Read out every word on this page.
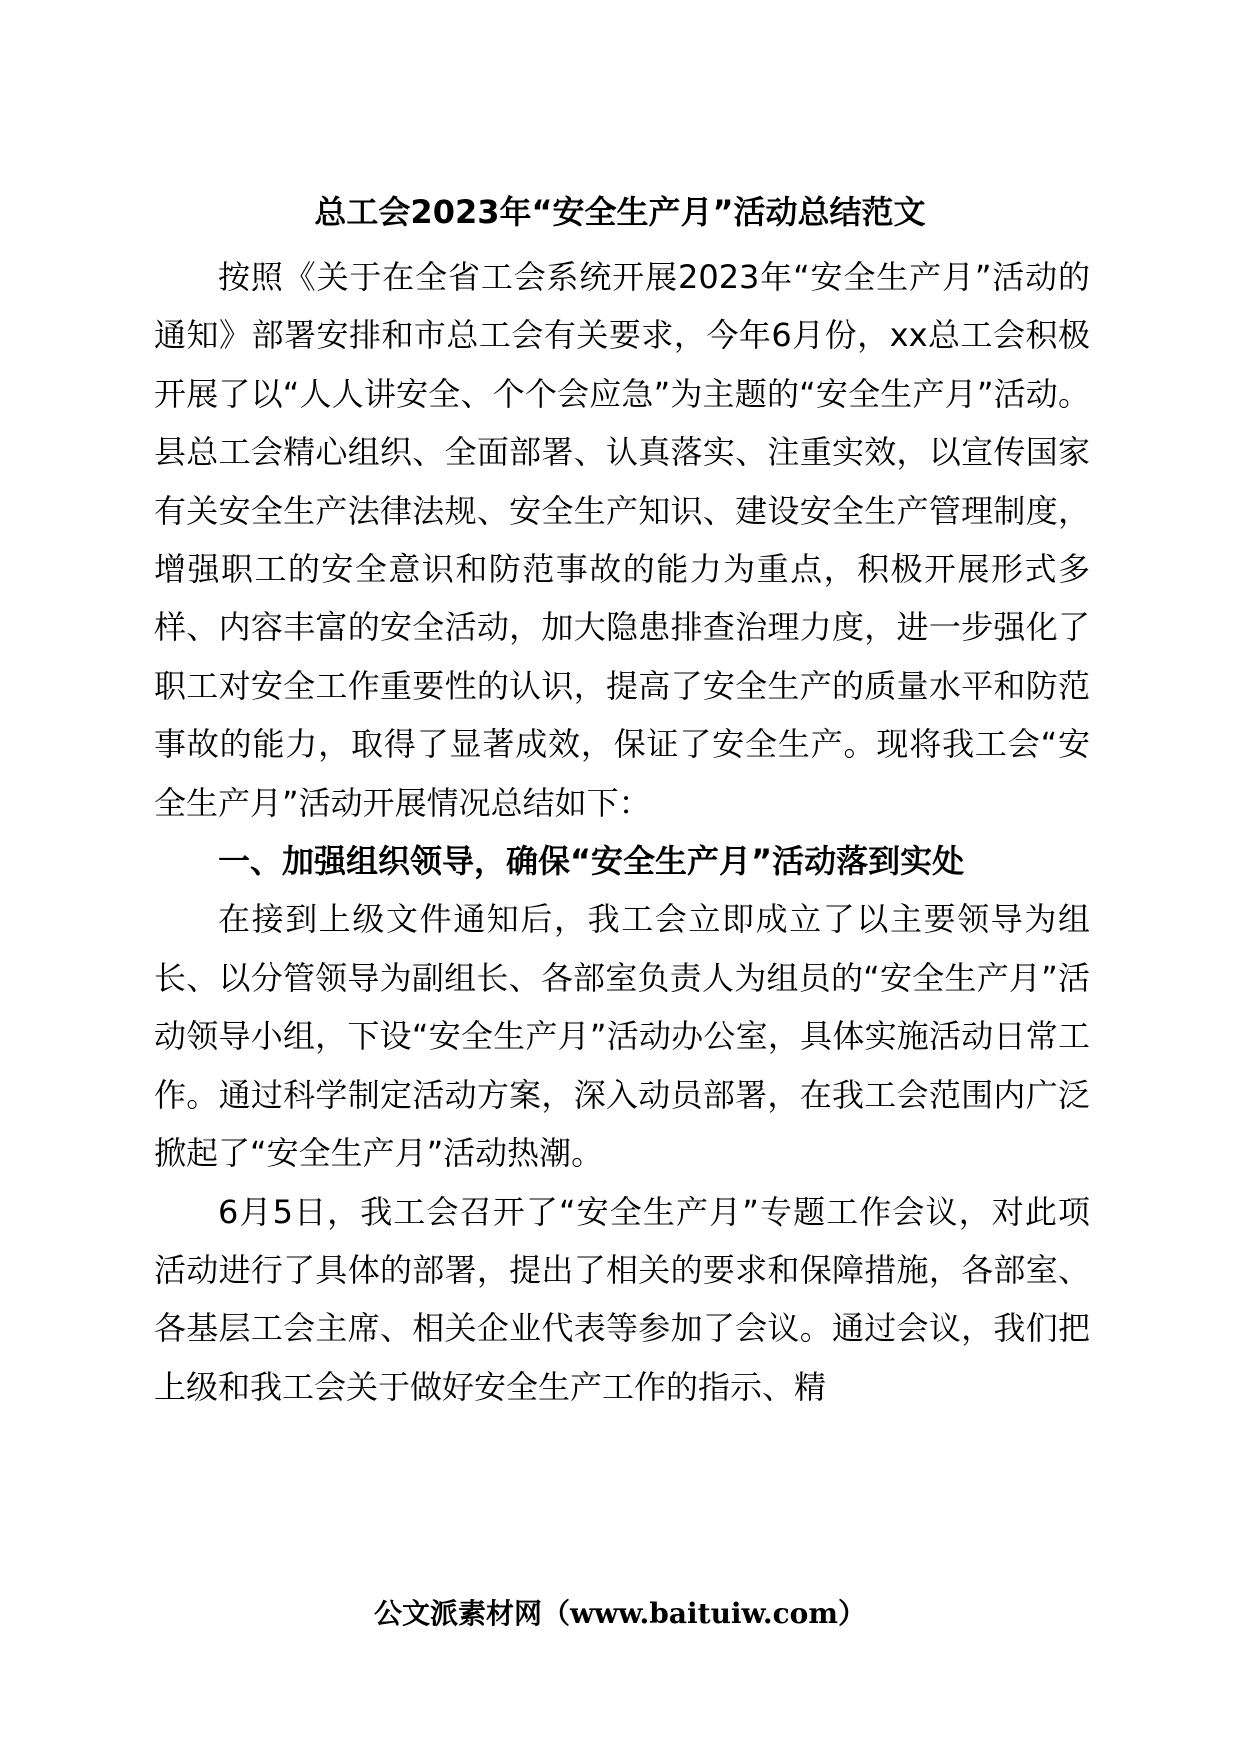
总工会2023年“安全生产月”活动总结范文

按照《关于在全省工会系统开展2023年“安全生产月”活动的通知》部署安排和市总工会有关要求，今年6月份，xx总工会积极开展了以“人人讲安全、个个会应急”为主题的“安全生产月”活动。县总工会精心组织、全面部署、认真落实、注重实效，以宣传国家有关安全生产法律法规、安全生产知识、建设安全生产管理制度，增强职工的安全意识和防范事故的能力为重点，积极开展形式多样、内容丰富的安全活动，加大隐患排查治理力度，进一步强化了职工对安全工作重要性的认识，提高了安全生产的质量水平和防范事故的能力，取得了显著成效，保证了安全生产。现将我工会“安全生产月”活动开展情况总结如下：

一、加强组织领导，确保“安全生产月”活动落到实处

在接到上级文件通知后，我工会立即成立了以主要领导为组长、以分管领导为副组长、各部室负责人为组员的“安全生产月”活动领导小组，下设“安全生产月”活动办公室，具体实施活动日常工作。通过科学制定活动方案，深入动员部署，在我工会范围内广泛掀起了“安全生产月”活动热潮。

6月5日，我工会召开了“安全生产月”专题工作会议，对此项活动进行了具体的部署，提出了相关的要求和保障措施，各部室、各基层工会主席、相关企业代表等参加了会议。通过会议，我们把上级和我工会关于做好安全生产工作的指示、精

公文派素材网（www.baituiw.com）
